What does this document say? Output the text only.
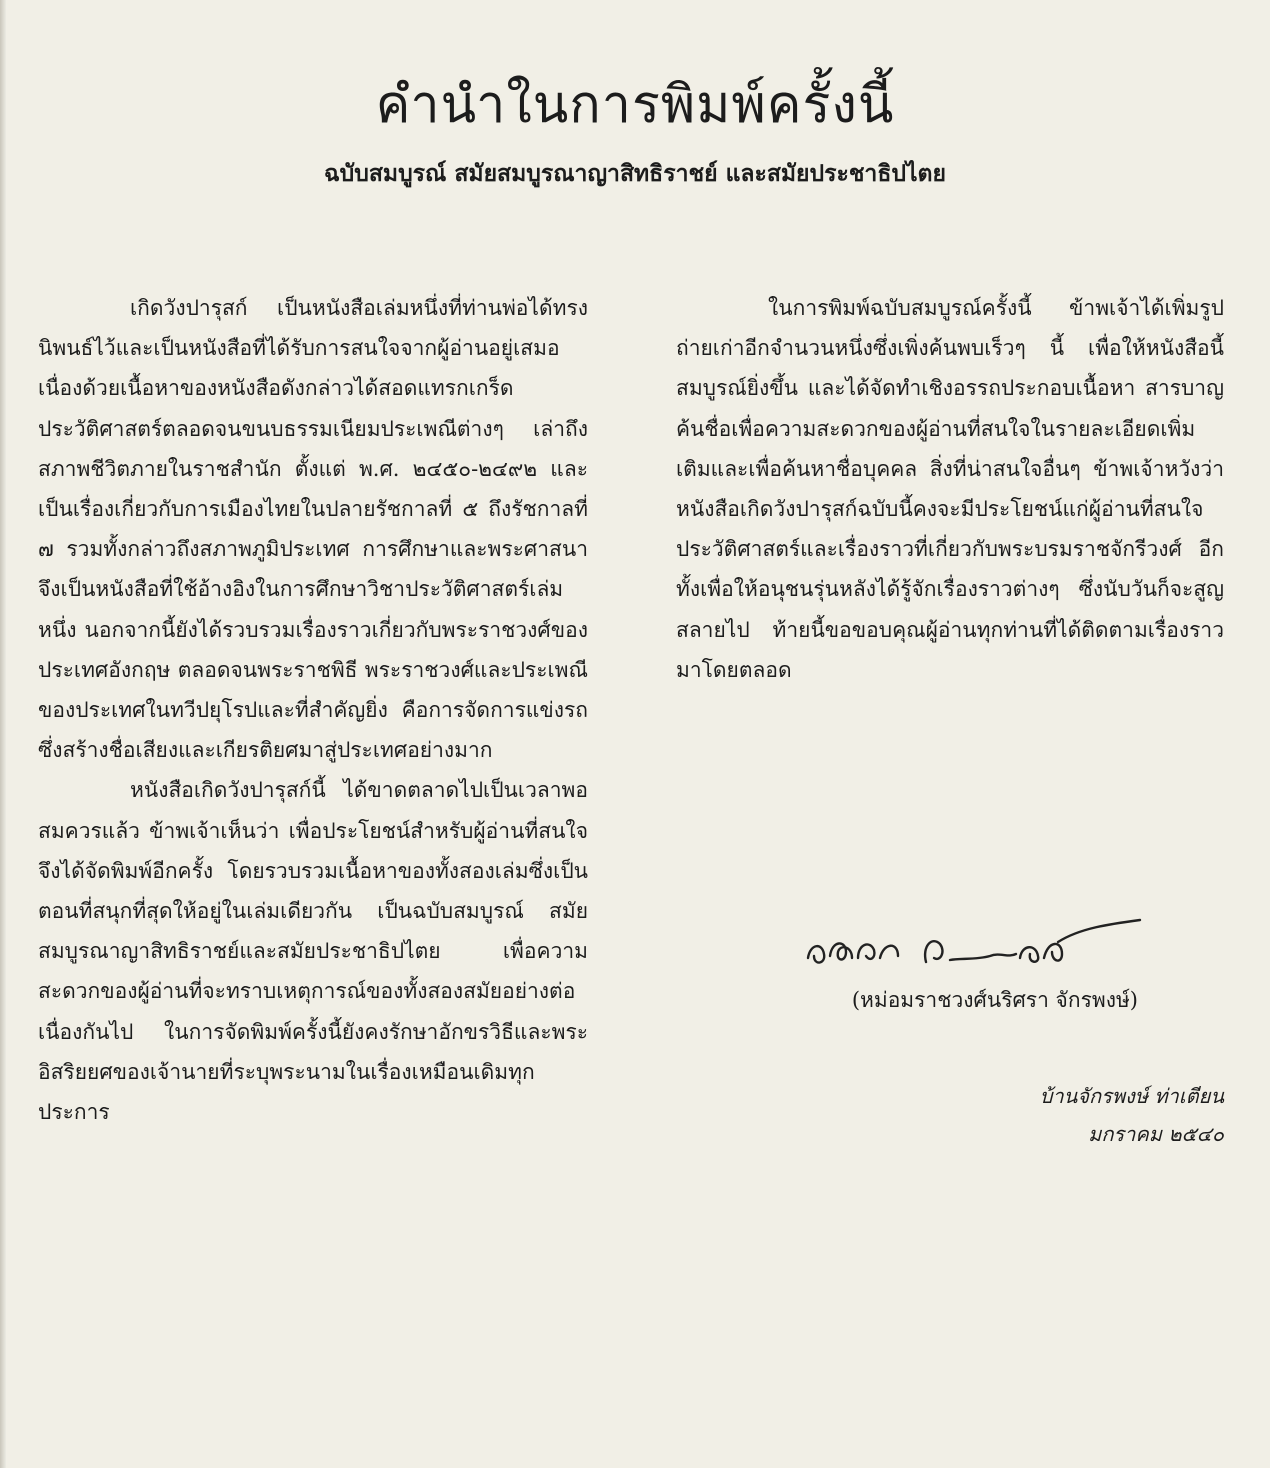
คำนำในการพิมพ์ครั้งนี้
ฉบับสมบูรณ์ สมัยสมบูรณาญาสิทธิราชย์ และสมัยประชาธิปไตย

เกิดวังปารุสก์ เป็นหนังสือเล่มหนึ่งที่ท่านพ่อได้ทรงนิพนธ์ไว้และเป็นหนังสือที่ได้รับการสนใจจากผู้อ่านอยู่เสมอ เนื่องด้วยเนื้อหาของหนังสือดังกล่าวได้สอดแทรกเกร็ดประวัติศาสตร์ตลอดจนขนบธรรมเนียมประเพณีต่างๆ เล่าถึงสภาพชีวิตภายในราชสำนัก ตั้งแต่ พ.ศ. ๒๔๕๐-๒๔๙๒ และเป็นเรื่องเกี่ยวกับการเมืองไทยในปลายรัชกาลที่ ๕ ถึงรัชกาลที่ ๗ รวมทั้งกล่าวถึงสภาพภูมิประเทศ การศึกษาและพระศาสนา จึงเป็นหนังสือที่ใช้อ้างอิงในการศึกษาวิชาประวัติศาสตร์เล่มหนึ่ง นอกจากนี้ยังได้รวบรวมเรื่องราวเกี่ยวกับพระราชวงศ์ของประเทศอังกฤษ ตลอดจนพระราชพิธี พระราชวงศ์และประเพณีของประเทศในทวีปยุโรปและที่สำคัญยิ่ง คือการจัดการแข่งรถ ซึ่งสร้างชื่อเสียงและเกียรติยศมาสู่ประเทศอย่างมาก

หนังสือเกิดวังปารุสก์นี้ ได้ขาดตลาดไปเป็นเวลาพอสมควรแล้ว ข้าพเจ้าเห็นว่า เพื่อประโยชน์สำหรับผู้อ่านที่สนใจ จึงได้จัดพิมพ์อีกครั้ง โดยรวบรวมเนื้อหาของทั้งสองเล่มซึ่งเป็นตอนที่สนุกที่สุดให้อยู่ในเล่มเดียวกัน เป็นฉบับสมบูรณ์ สมัยสมบูรณาญาสิทธิราชย์และสมัยประชาธิปไตย เพื่อความสะดวกของผู้อ่านที่จะทราบเหตุการณ์ของทั้งสองสมัยอย่างต่อเนื่องกันไป ในการจัดพิมพ์ครั้งนี้ยังคงรักษาอักขรวิธีและพระอิสริยยศของเจ้านายที่ระบุพระนามในเรื่องเหมือนเดิมทุกประการ

ในการพิมพ์ฉบับสมบูรณ์ครั้งนี้ ข้าพเจ้าได้เพิ่มรูปถ่ายเก่าอีกจำนวนหนึ่งซึ่งเพิ่งค้นพบเร็วๆ นี้ เพื่อให้หนังสือนี้สมบูรณ์ยิ่งขึ้น และได้จัดทำเชิงอรรถประกอบเนื้อหา สารบาญค้นชื่อเพื่อความสะดวกของผู้อ่านที่สนใจในรายละเอียดเพิ่มเติมและเพื่อค้นหาชื่อบุคคล สิ่งที่น่าสนใจอื่นๆ ข้าพเจ้าหวังว่า หนังสือเกิดวังปารุสก์ฉบับนี้คงจะมีประโยชน์แก่ผู้อ่านที่สนใจประวัติศาสตร์และเรื่องราวที่เกี่ยวกับพระบรมราชจักรีวงศ์ อีกทั้งเพื่อให้อนุชนรุ่นหลังได้รู้จักเรื่องราวต่างๆ ซึ่งนับวันก็จะสูญสลายไป ท้ายนี้ขอขอบคุณผู้อ่านทุกท่านที่ได้ติดตามเรื่องราวมาโดยตลอด

(หม่อมราชวงศ์นริศรา จักรพงษ์)
บ้านจักรพงษ์ ท่าเตียน
มกราคม ๒๕๔๐
